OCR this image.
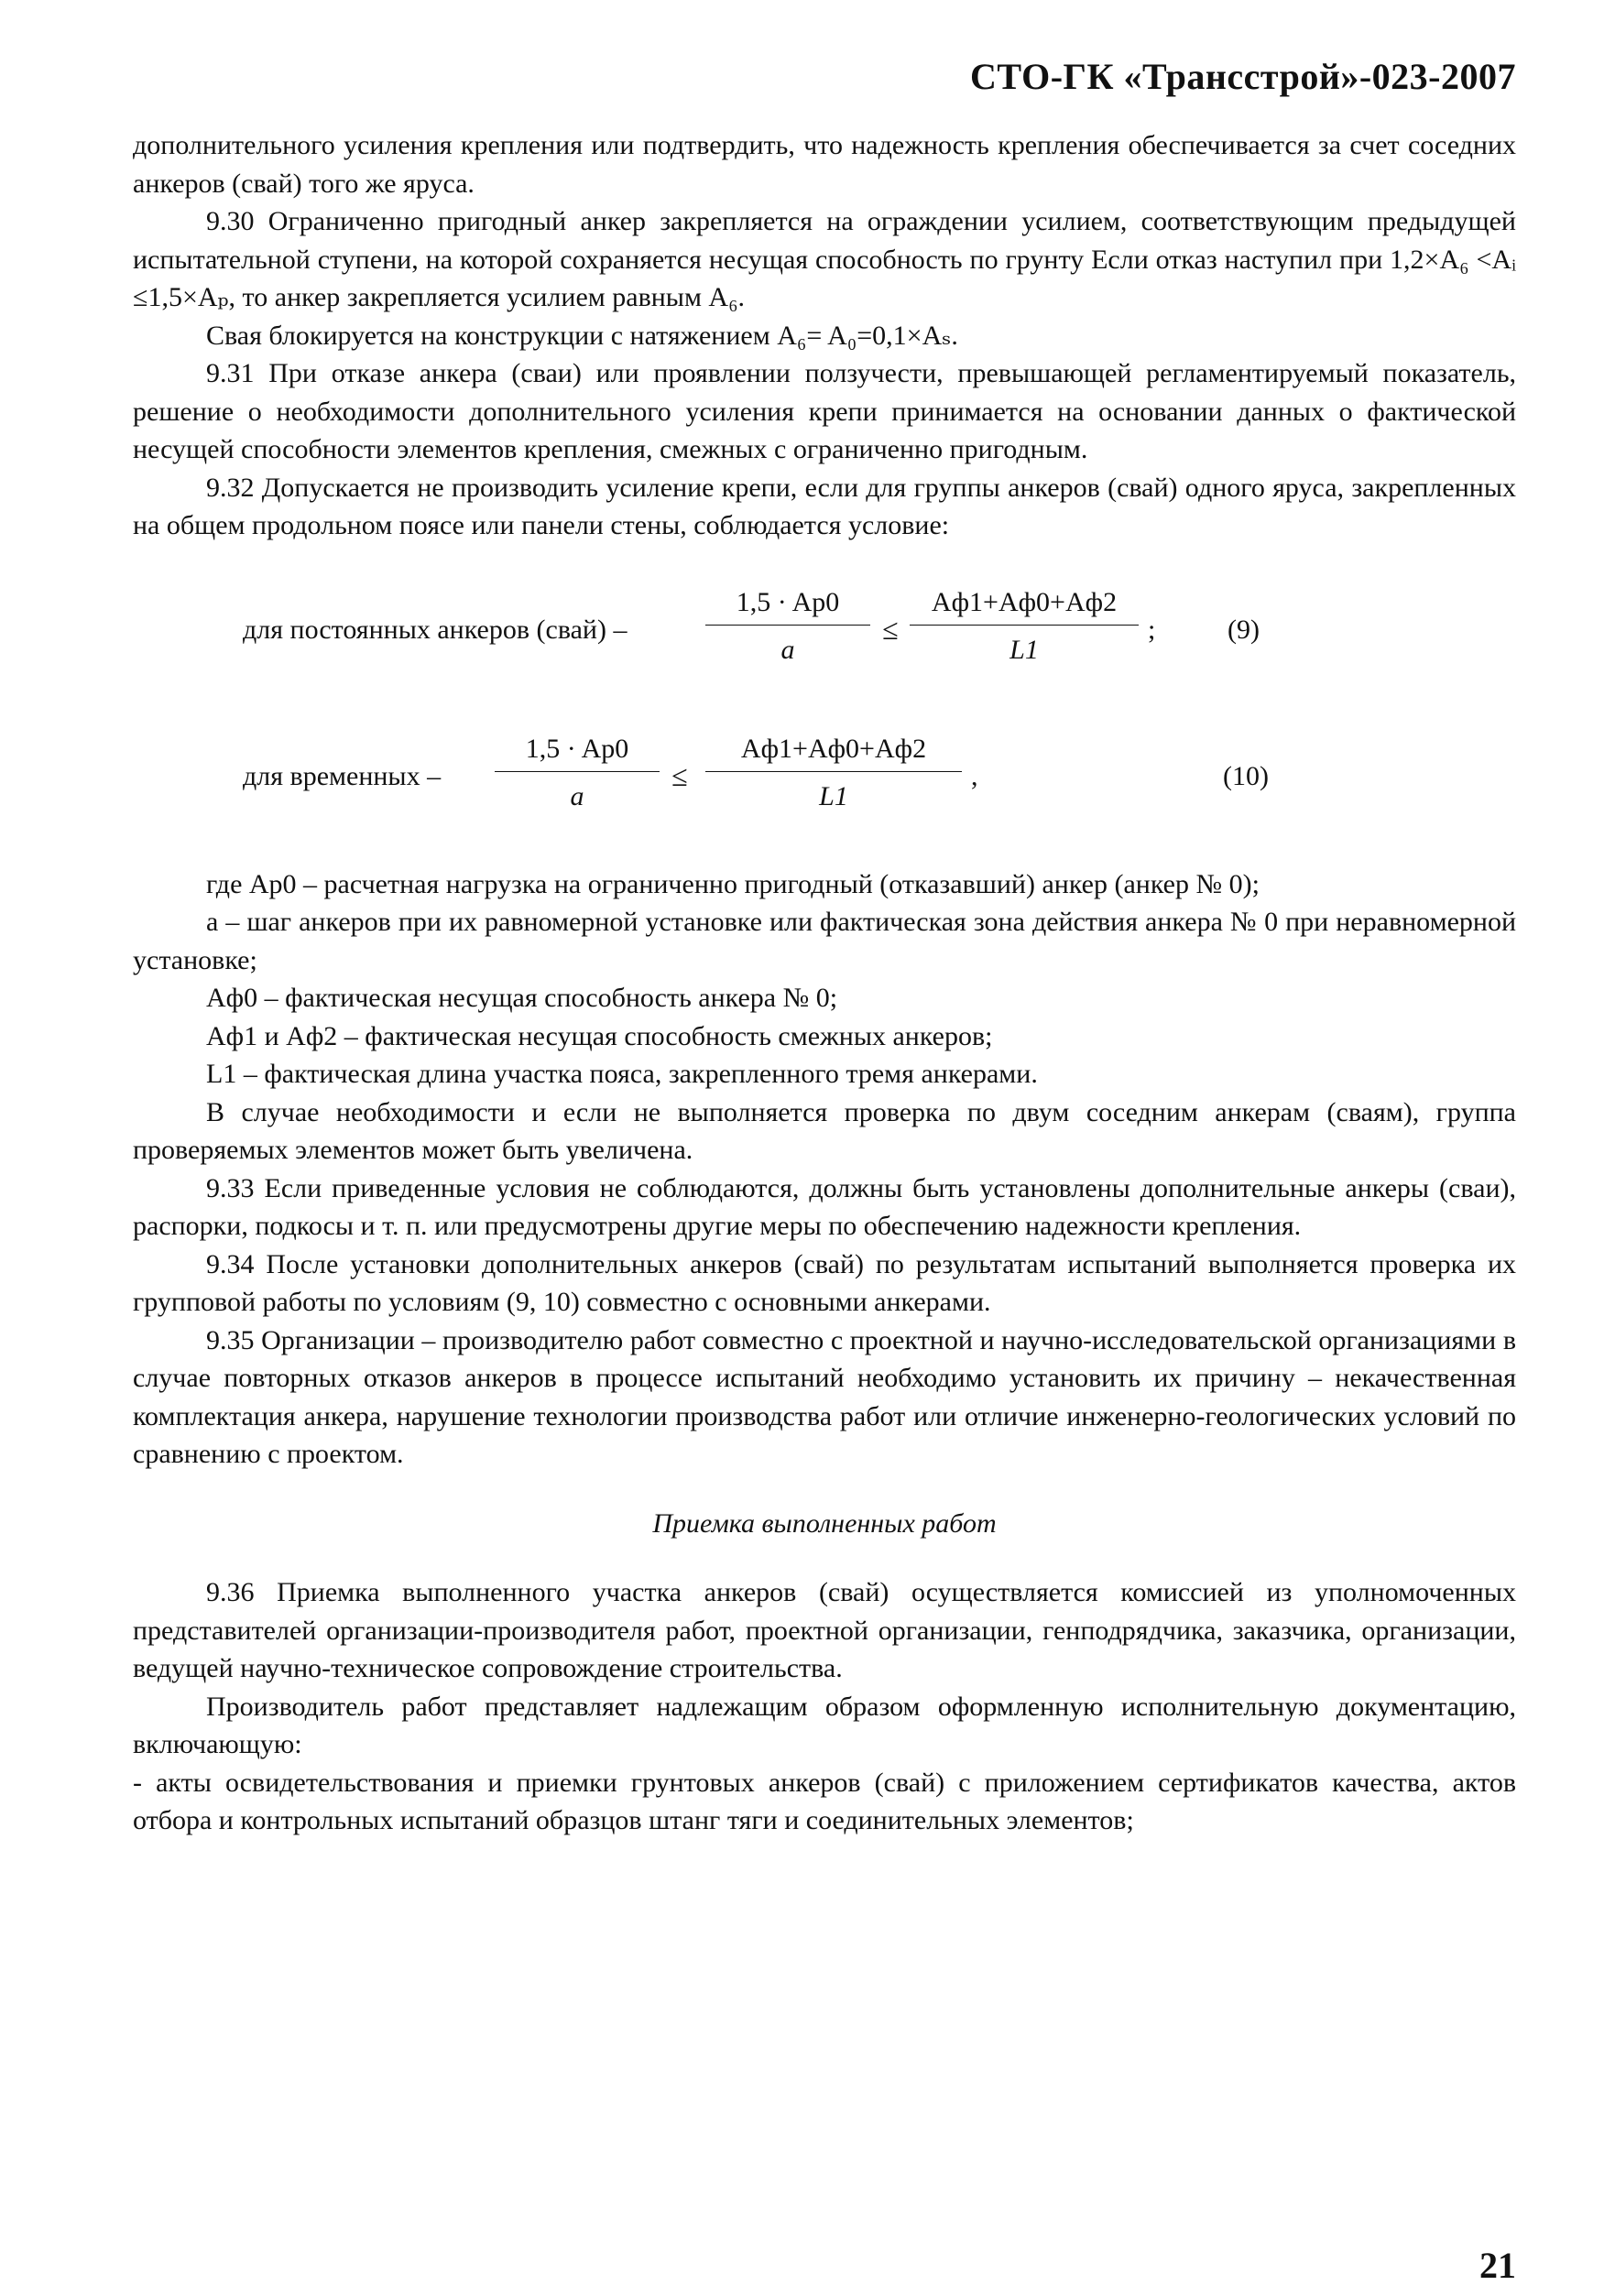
СТО-ГК «Трансстрой»-023-2007

дополнительного усиления крепления или подтвердить, что надежность крепления обеспечивается за счет соседних анкеров (свай) того же яруса.

9.30 Ограниченно пригодный анкер закрепляется на ограждении усилием, соответствующим предыдущей испытательной ступени, на которой сохраняется несущая способность по грунту Если отказ наступил при 1,2×A₆ <Aᵢ ≤1,5×Aₚ, то анкер закрепляется усилием равным A₆.

Свая блокируется на конструкции с натяжением A₆= A₀=0,1×Aₛ.

9.31 При отказе анкера (сваи) или проявлении ползучести, превышающей регламентируемый показатель, решение о необходимости дополнительного усиления крепи принимается на основании данных о фактической несущей способности элементов крепления, смежных с ограниченно пригодным.

9.32 Допускается не производить усиление крепи, если для группы анкеров (свай) одного яруса, закрепленных на общем продольном поясе или панели стены, соблюдается условие:

для постоянных анкеров (свай) –
1,5 · Aр0
a
≤
Aф1+Aф0+Aф2
L1
;	(9)
для временных –
1,5 · Aр0
a
≤
Aф1+Aф0+Aф2
L1
,	(10)

где Aр0 – расчетная нагрузка на ограниченно пригодный (отказавший) анкер (анкер № 0);

a – шаг анкеров при их равномерной установке или фактическая зона действия анкера № 0 при неравномерной установке;

Aф0 – фактическая несущая способность анкера № 0;

Aф1 и Aф2 – фактическая несущая способность смежных анкеров;

L1 – фактическая длина участка пояса, закрепленного тремя анкерами.

В случае необходимости и если не выполняется проверка по двум соседним анкерам (сваям), группа проверяемых элементов может быть увеличена.

9.33 Если приведенные условия не соблюдаются, должны быть установлены дополнительные анкеры (сваи), распорки, подкосы и т. п. или предусмотрены другие меры по обеспечению надежности крепления.

9.34 После установки дополнительных анкеров (свай) по результатам испытаний выполняется проверка их групповой работы по условиям (9, 10) совместно с основными анкерами.

9.35 Организации – производителю работ совместно с проектной и научно-исследовательской организациями в случае повторных отказов анкеров в процессе испытаний необходимо установить их причину – некачественная комплектация анкера, нарушение технологии производства работ или отличие инженерно-геологических условий по сравнению с проектом.

Приемка выполненных работ

9.36 Приемка выполненного участка анкеров (свай) осуществляется комиссией из уполномоченных представителей организации-производителя работ, проектной организации, генподрядчика, заказчика, организации, ведущей научно-техническое сопровождение строительства.

Производитель работ представляет надлежащим образом оформленную исполнительную документацию, включающую:

- акты освидетельствования и приемки грунтовых анкеров (свай) с приложением сертификатов качества, актов отбора и контрольных испытаний образцов штанг тяги и соединительных элементов;

21
